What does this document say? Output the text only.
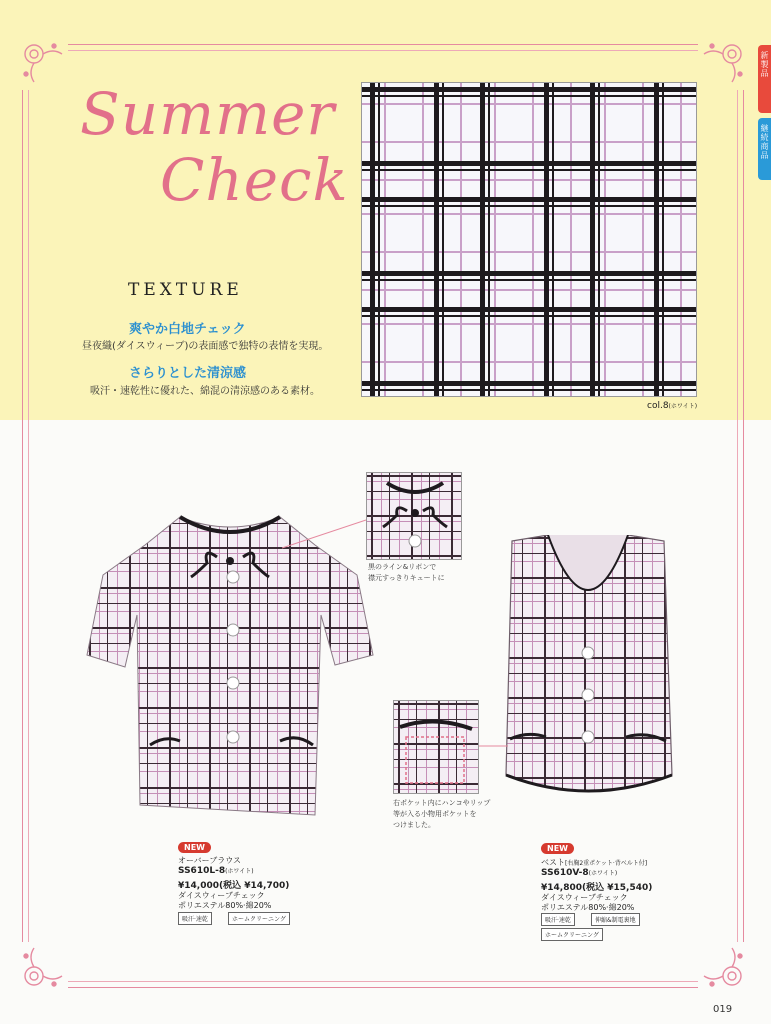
新製品
継続商品
Summer
Check
TEXTURE
爽やか白地チェック
昼夜織(ダイスウィーブ)の表面感で独特の表情を実現。
さらりとした清涼感
吸汗・速乾性に優れた、綿混の清涼感のある素材。
col.8(ホワイト)
黒のライン&リボンで
襟元すっきりキュートに
右ポケット内にハンコやリップ
等が入る小物用ポケットを
つけました。
NEW
オーバーブラウス
SS610L-8(ホワイト)
¥14,000(税込 ¥14,700)
ダイスウィーブチェック
ポリエステル80%·綿20%
吸汗·速乾	ホームクリーニング
NEW
ベスト[右胸2重ポケット·背ベルト付]
SS610V-8(ホワイト)
¥14,800(税込 ¥15,540)
ダイスウィーブチェック
ポリエステル80%·綿20%
吸汗·速乾	伸縮&制電裏地
ホームクリーニング
019
